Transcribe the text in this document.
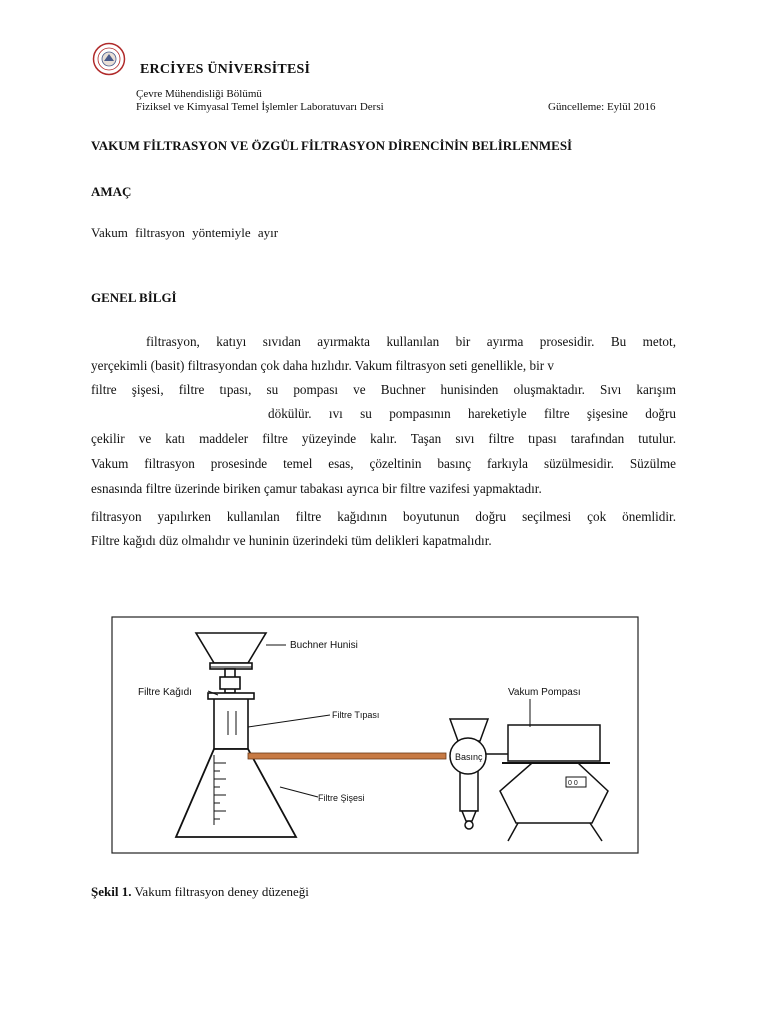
ERCİYES ÜNİVERSİTESİ
Çevre Mühendisliği Bölümü
Fiziksel ve Kimyasal Temel İşlemler Laboratuvarı Dersi	Güncelleme: Eylül 2016
VAKUM FİLTRASYON VE ÖZGÜL FİLTRASYON DİRENCİNİN BELİRLENMESİ
AMAÇ
Vakum filtrasyon yöntemiyle ayır
GENEL BİLGİ
filtrasyon, katıyı sıvıdan ayırmakta kullanılan bir ayırma prosesidir. Bu metot,
yerçekimli (basit) filtrasyondan çok daha hızlıdır. Vakum filtrasyon seti genellikle, bir v
filtre şişesi, filtre tıpası, su pompası ve Buchner hunisinden oluşmaktadır. Sıvı karışım
dökülür. ıvı su pompasının hareketiyle filtre şişesine doğru
çekilir ve katı maddeler filtre yüzeyinde kalır. Taşan sıvı filtre tıpası tarafından tutulur.
Vakum filtrasyon prosesinde temel esas, çözeltinin basınç farkıyla süzülmesidir. Süzülme
esnasında filtre üzerinde biriken çamur tabakası ayrıca bir filtre vazifesi yapmaktadır.
filtrasyon yapılırken kullanılan filtre kağıdının boyutunun doğru seçilmesi çok önemlidir.
Filtre kağıdı düz olmalıdır ve huninin üzerindeki tüm delikleri kapatmalıdır.
Buchner Hunisi
Filtre Kağıdı
Filtre Tıpası
Filtre Şişesi
Vakum Pompası
Basınç
0 0
Şekil 1. Vakum filtrasyon deney düzeneği
